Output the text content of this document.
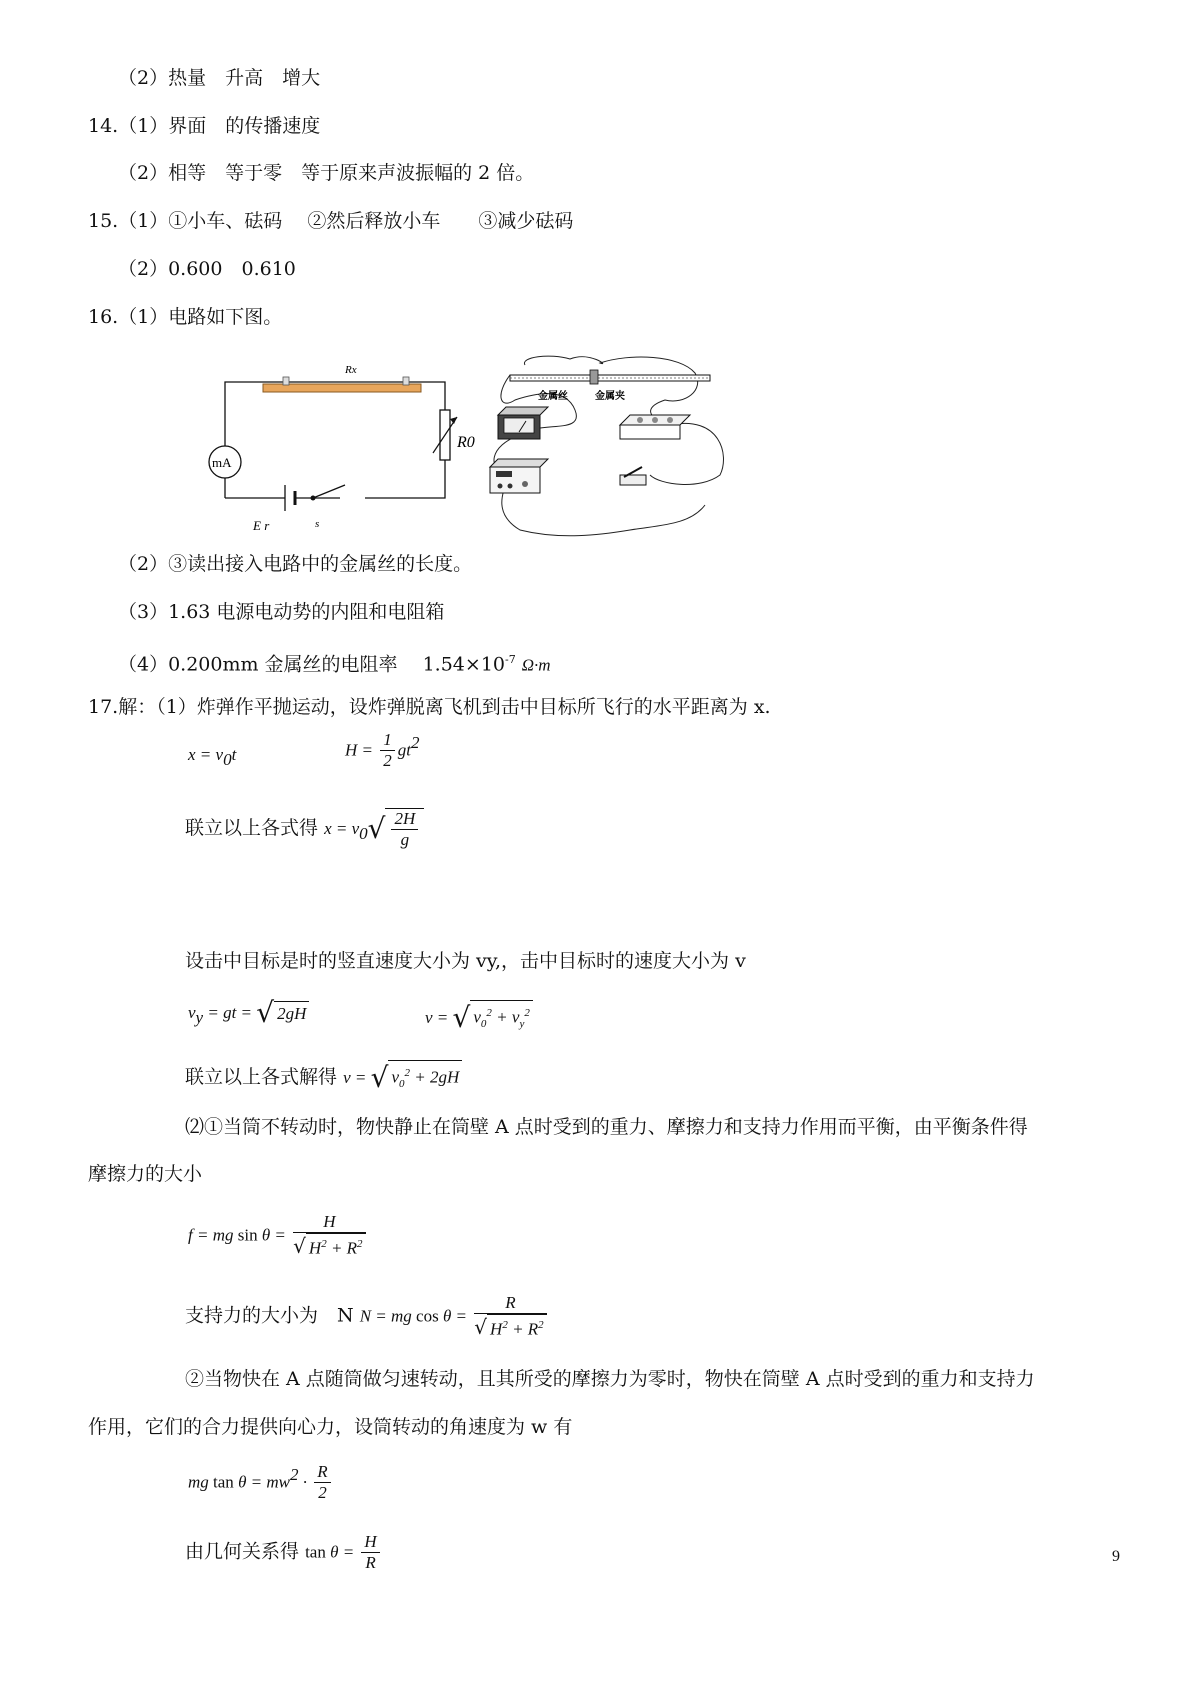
（2）热量　升高　增大
14.（1）界面　的传播速度
（2）相等　等于零　等于原来声波振幅的 2 倍。
15.（1）①小车、砝码　 ②然后释放小车　　③减少砝码
（2）0.600　0.610
16.（1）电路如下图。
Rx
mA
R0
E r	s
金属丝	金属夹
（2）③读出接入电路中的金属丝的长度。
（3）1.63 电源电动势的内阻和电阻箱
（4）0.200mm 金属丝的电阻率　 $1.54\times 10^{-7}$ Ω·m
17.解：（1）炸弹作平抛运动，设炸弹脱离飞机到击中目标所飞行的水平距离为 x.
$x = v_0t$	$H = \frac{1}{2} gt^2$
联立以上各式得 $x = v_0√ \frac{2H}{g}$
设击中目标是时的竖直速度大小为 vy,，击中目标时的速度大小为 v
$v_y$ = gt = √ 2gH	v = √ $v_0^2 + v_y^2$
联立以上各式解得 v = √ $v_0^2 + 2gH$
⑵①当筒不转动时，物快静止在筒壁 A 点时受到的重力、摩擦力和支持力作用而平衡，由平衡条件得
摩擦力的大小
f = mg $\sin \theta = \frac{H}{√ H^2 + R^2}$
支持力的大小为　N N = mg $\cos \theta = \frac{R}{√ H^2 + R^2}$
②当物快在 A 点随筒做匀速转动，且其所受的摩擦力为零时，物快在筒壁 A 点时受到的重力和支持力
作用，它们的合力提供向心力，设筒转动的角速度为 w 有
mg $\tan \theta = mw^2 \cdot \frac{R}{2}$
由几何关系得 $\tan \theta = \frac{H}{R}$	9
